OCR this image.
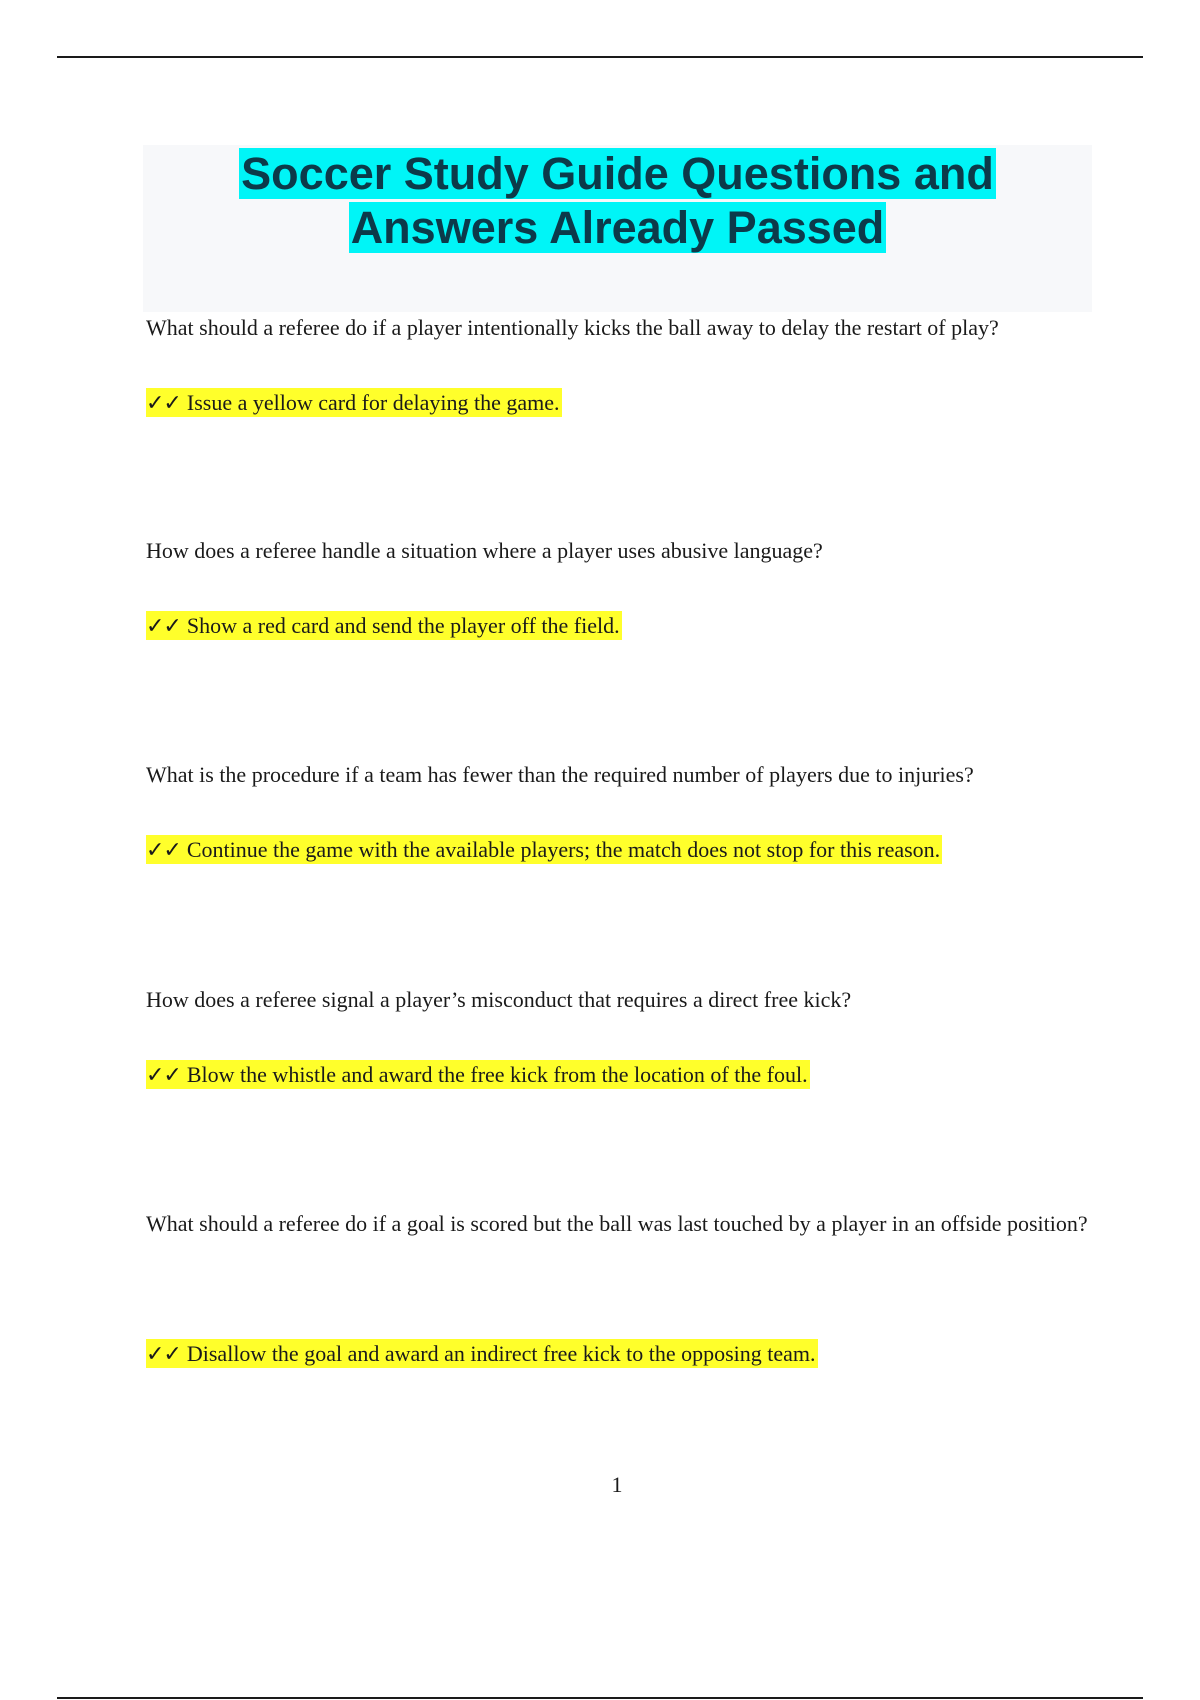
Soccer Study Guide Questions and Answers Already Passed

What should a referee do if a player intentionally kicks the ball away to delay the restart of play?

✓✓ Issue a yellow card for delaying the game.

How does a referee handle a situation where a player uses abusive language?

✓✓ Show a red card and send the player off the field.

What is the procedure if a team has fewer than the required number of players due to injuries?

✓✓ Continue the game with the available players; the match does not stop for this reason.

How does a referee signal a player’s misconduct that requires a direct free kick?

✓✓ Blow the whistle and award the free kick from the location of the foul.

What should a referee do if a goal is scored but the ball was last touched by a player in an offside position?

✓✓ Disallow the goal and award an indirect free kick to the opposing team.

1
